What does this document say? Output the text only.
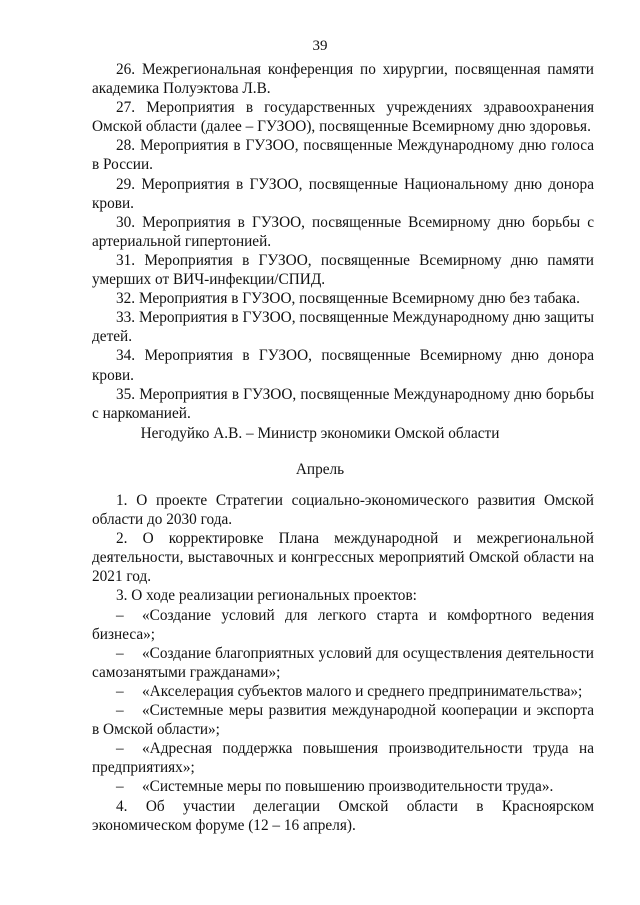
39

26. Межрегиональная конференция по хирургии, посвященная памяти академика Полуэктова Л.В.

27. Мероприятия в государственных учреждениях здравоохранения Омской области (далее – ГУЗОО), посвященные Всемирному дню здоровья.

28. Мероприятия в ГУЗОО, посвященные Международному дню голоса в России.

29. Мероприятия в ГУЗОО, посвященные Национальному дню донора крови.

30. Мероприятия в ГУЗОО, посвященные Всемирному дню борьбы с артериальной гипертонией.

31. Мероприятия в ГУЗОО, посвященные Всемирному дню памяти умерших от ВИЧ-инфекции/СПИД.

32. Мероприятия в ГУЗОО, посвященные Всемирному дню без табака.

33. Мероприятия в ГУЗОО, посвященные Международному дню защиты детей.

34. Мероприятия в ГУЗОО, посвященные Всемирному дню донора крови.

35. Мероприятия в ГУЗОО, посвященные Международному дню борьбы с наркоманией.

Негодуйко А.В. – Министр экономики Омской области

Апрель

1. О проекте Стратегии социально-экономического развития Омской области до 2030 года.

2. О корректировке Плана международной и межрегиональной деятельности, выставочных и конгрессных мероприятий Омской области на 2021 год.

3. О ходе реализации региональных проектов:

– «Создание условий для легкого старта и комфортного ведения бизнеса»;

– «Создание благоприятных условий для осуществления деятельности самозанятыми гражданами»;

– «Акселерация субъектов малого и среднего предпринимательства»;

– «Системные меры развития международной кооперации и экспорта в Омской области»;

– «Адресная поддержка повышения производительности труда на предприятиях»;

– «Системные меры по повышению производительности труда».

4. Об участии делегации Омской области в Красноярском экономическом форуме (12 – 16 апреля).
